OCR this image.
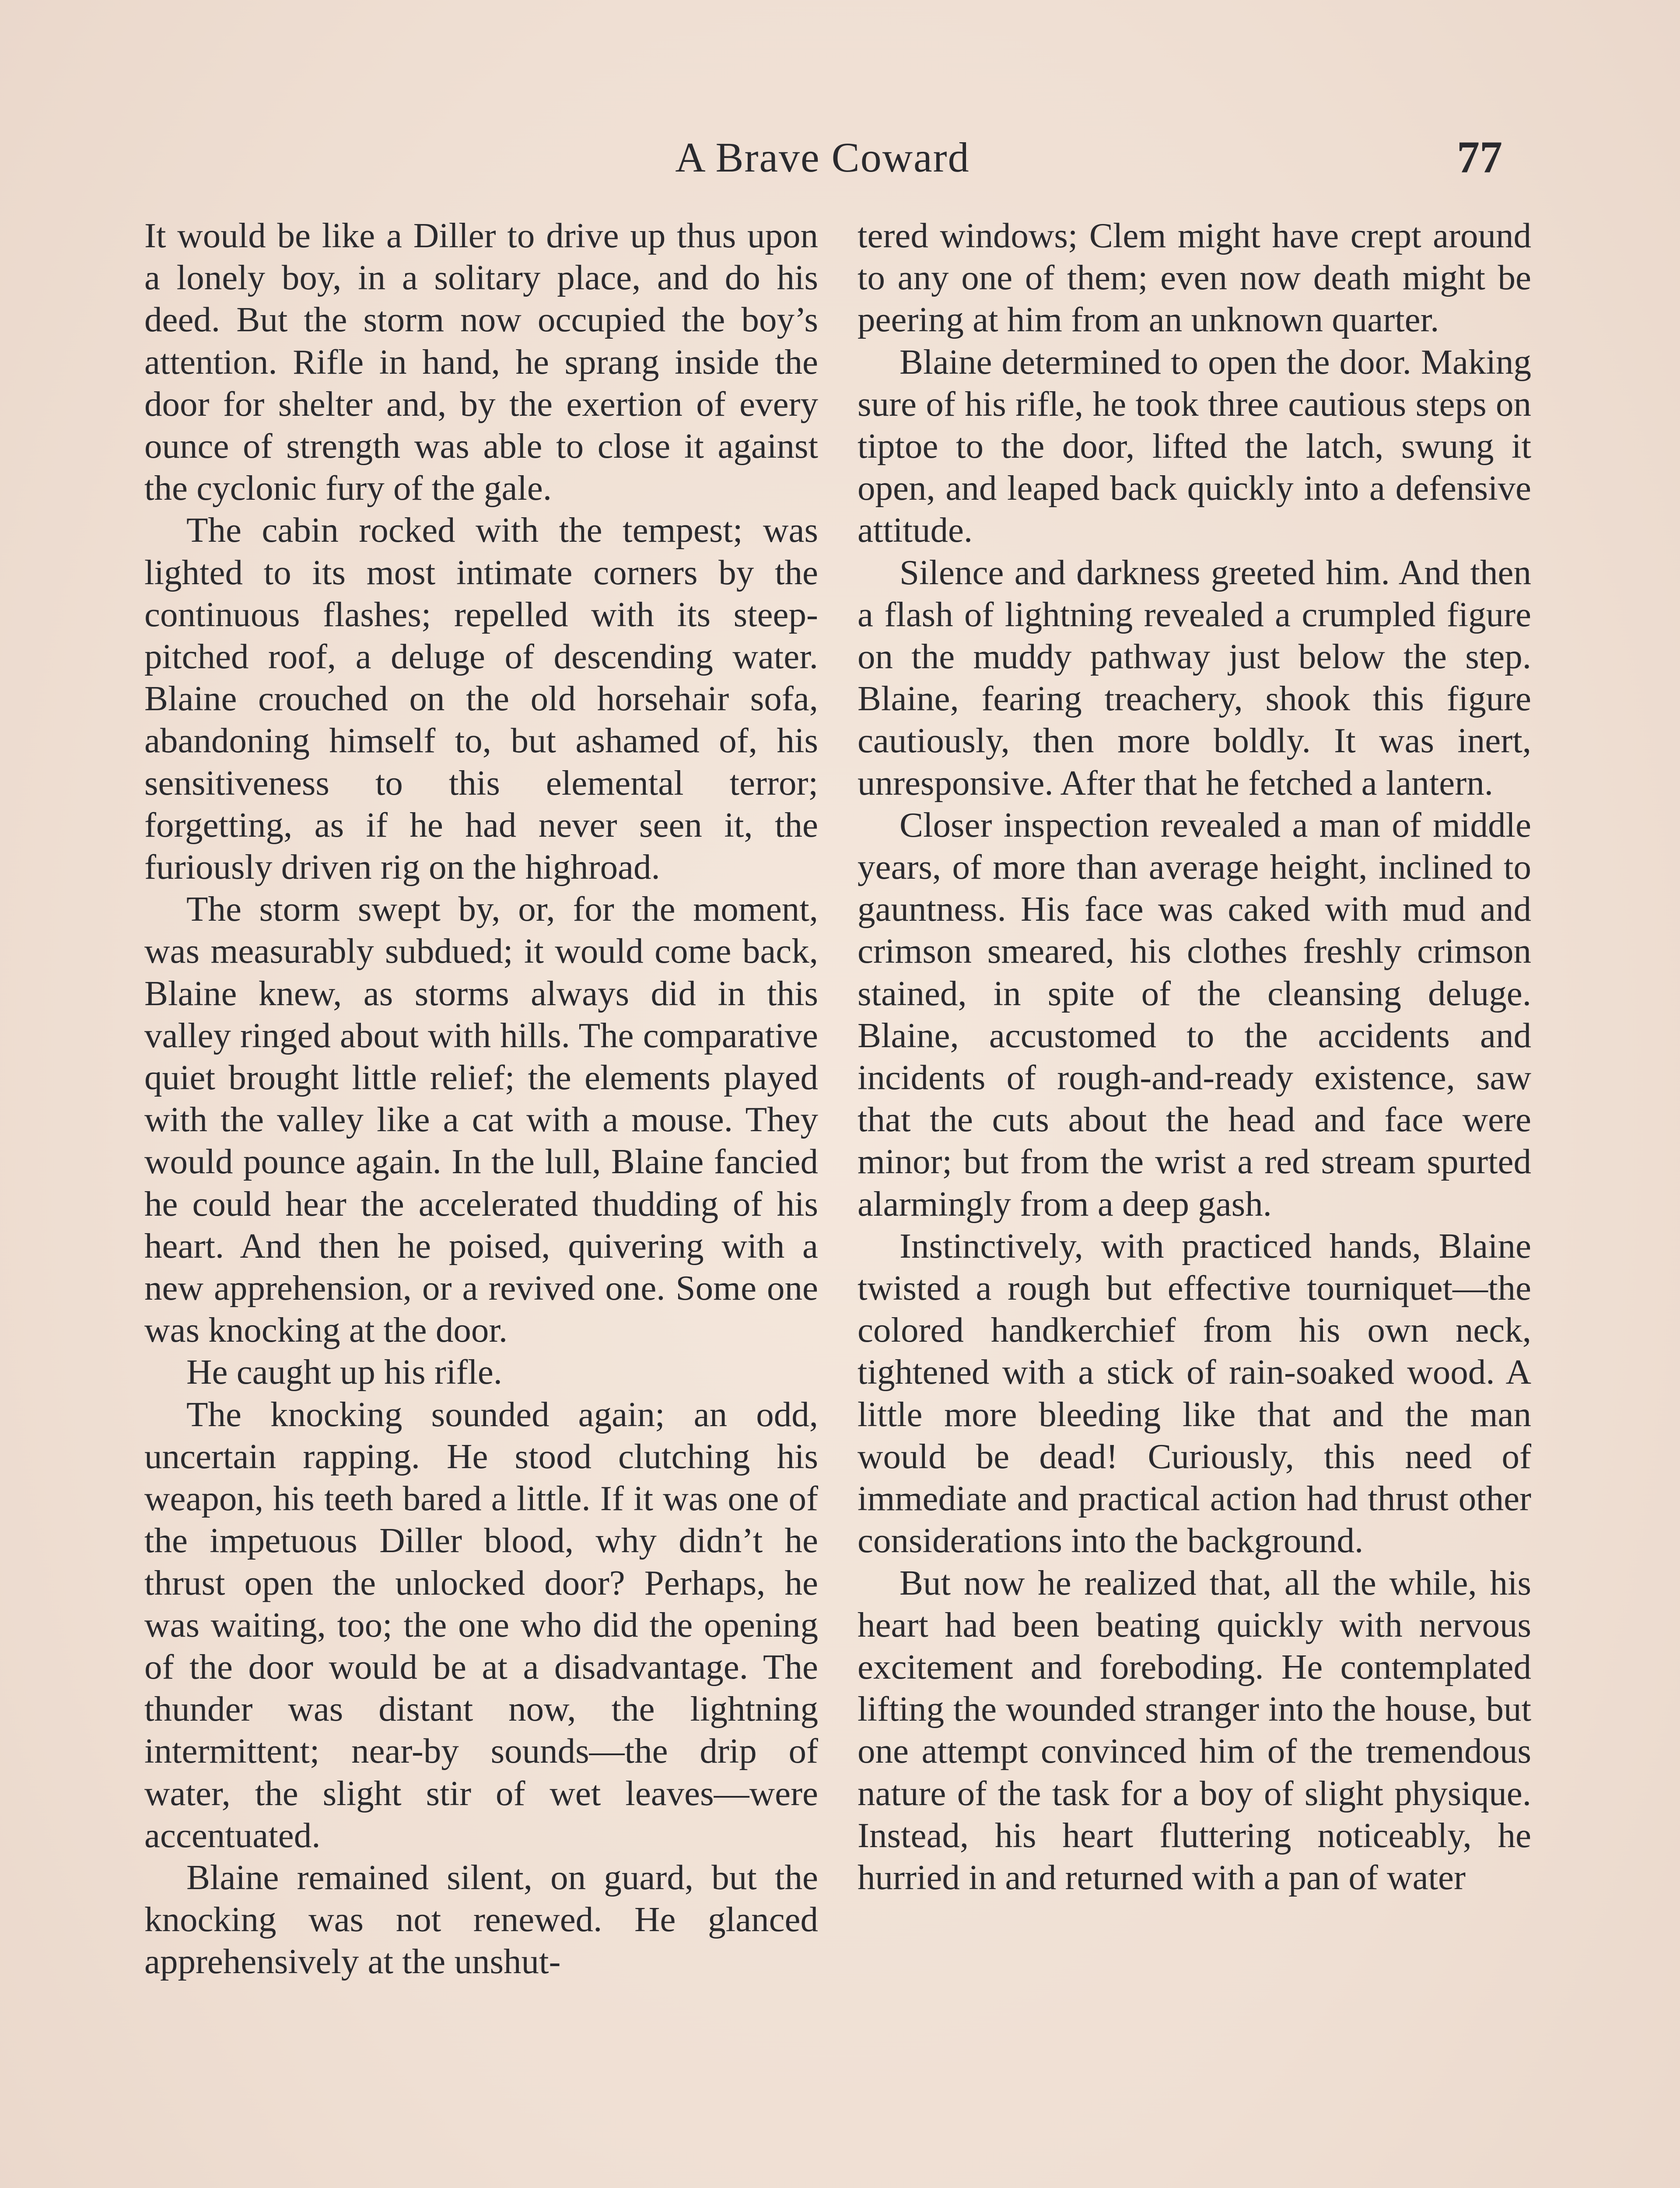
A Brave Coward	77

It would be like a Diller to drive up thus upon a lonely boy, in a solitary place, and do his deed. But the storm now occupied the boy’s attention. Rifle in hand, he sprang inside the door for shelter and, by the exertion of every ounce of strength was able to close it against the cyclonic fury of the gale.

The cabin rocked with the tempest; was lighted to its most intimate corners by the continuous flashes; repelled with its steep-pitched roof, a deluge of descending water. Blaine crouched on the old horsehair sofa, abandoning himself to, but ashamed of, his sensitiveness to this elemental terror; forgetting, as if he had never seen it, the furiously driven rig on the highroad.

The storm swept by, or, for the moment, was measurably subdued; it would come back, Blaine knew, as storms always did in this valley ringed about with hills. The comparative quiet brought little relief; the elements played with the valley like a cat with a mouse. They would pounce again. In the lull, Blaine fancied he could hear the accelerated thudding of his heart. And then he poised, quivering with a new apprehension, or a revived one. Some one was knocking at the door.

He caught up his rifle.

The knocking sounded again; an odd, uncertain rapping. He stood clutching his weapon, his teeth bared a little. If it was one of the impetuous Diller blood, why didn’t he thrust open the unlocked door? Perhaps, he was waiting, too; the one who did the opening of the door would be at a disadvantage. The thunder was distant now, the lightning intermittent; near-by sounds—the drip of water, the slight stir of wet leaves—were accentuated.

Blaine remained silent, on guard, but the knocking was not renewed. He glanced apprehensively at the unshut-

tered windows; Clem might have crept around to any one of them; even now death might be peering at him from an unknown quarter.

Blaine determined to open the door. Making sure of his rifle, he took three cautious steps on tiptoe to the door, lifted the latch, swung it open, and leaped back quickly into a defensive attitude.

Silence and darkness greeted him. And then a flash of lightning revealed a crumpled figure on the muddy pathway just below the step. Blaine, fearing treachery, shook this figure cautiously, then more boldly. It was inert, unresponsive. After that he fetched a lantern.

Closer inspection revealed a man of middle years, of more than average height, inclined to gauntness. His face was caked with mud and crimson smeared, his clothes freshly crimson stained, in spite of the cleansing deluge. Blaine, accustomed to the accidents and incidents of rough-and-ready existence, saw that the cuts about the head and face were minor; but from the wrist a red stream spurted alarmingly from a deep gash.

Instinctively, with practiced hands, Blaine twisted a rough but effective tourniquet—the colored handkerchief from his own neck, tightened with a stick of rain-soaked wood. A little more bleeding like that and the man would be dead! Curiously, this need of immediate and practical action had thrust other considerations into the background.

But now he realized that, all the while, his heart had been beating quickly with nervous excitement and foreboding. He contemplated lifting the wounded stranger into the house, but one attempt convinced him of the tremendous nature of the task for a boy of slight physique. Instead, his heart fluttering noticeably, he hurried in and returned with a pan of water
